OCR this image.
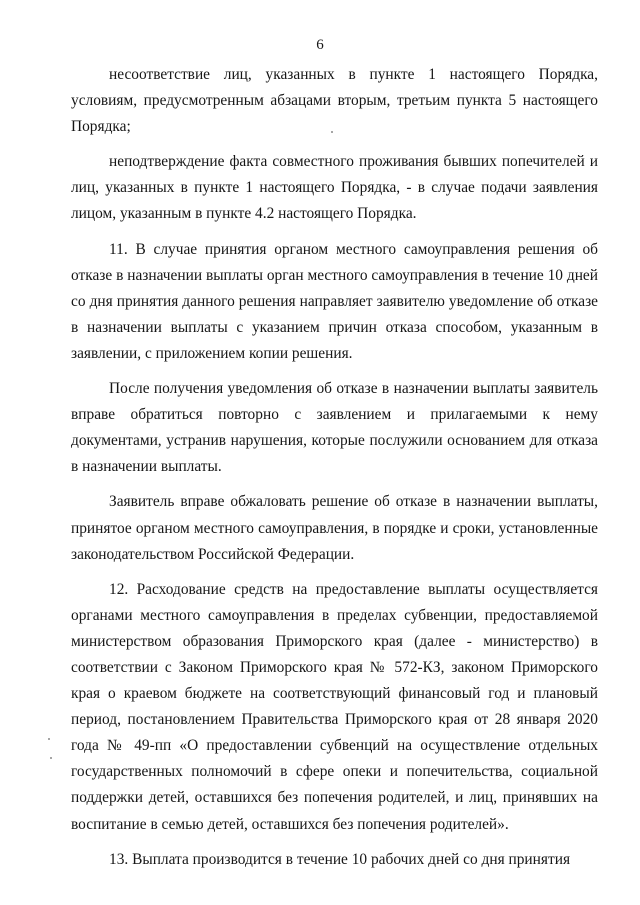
6

несоответствие лиц, указанных в пункте 1 настоящего Порядка, условиям, предусмотренным абзацами вторым, третьим пункта 5 настоящего Порядка;

неподтверждение факта совместного проживания бывших попечителей и лиц, указанных в пункте 1 настоящего Порядка, - в случае подачи заявления лицом, указанным в пункте 4.2 настоящего Порядка.

11. В случае принятия органом местного самоуправления решения об отказе в назначении выплаты орган местного самоуправления в течение 10 дней со дня принятия данного решения направляет заявителю уведомление об отказе в назначении выплаты с указанием причин отказа способом, указанным в заявлении, с приложением копии решения.

После получения уведомления об отказе в назначении выплаты заявитель вправе обратиться повторно с заявлением и прилагаемыми к нему документами, устранив нарушения, которые послужили основанием для отказа в назначении выплаты.

Заявитель вправе обжаловать решение об отказе в назначении выплаты, принятое органом местного самоуправления, в порядке и сроки, установленные законодательством Российской Федерации.

12. Расходование средств на предоставление выплаты осуществляется органами местного самоуправления в пределах субвенции, предоставляемой министерством образования Приморского края (далее - министерство) в соответствии с Законом Приморского края № 572-КЗ, законом Приморского края о краевом бюджете на соответствующий финансовый год и плановый период, постановлением Правительства Приморского края от 28 января 2020 года № 49-пп «О предоставлении субвенций на осуществление отдельных государственных полномочий в сфере опеки и попечительства, социальной поддержки детей, оставшихся без попечения родителей, и лиц, принявших на воспитание в семью детей, оставшихся без попечения родителей».

13. Выплата производится в течение 10 рабочих дней со дня принятия
